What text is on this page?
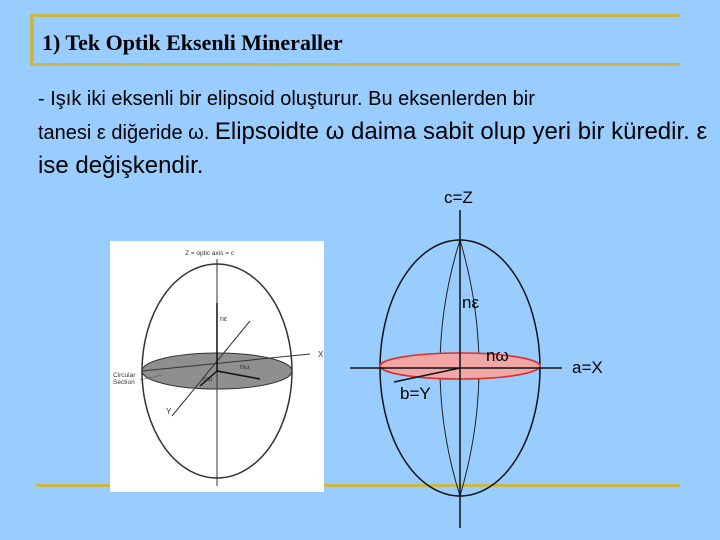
1) Tek Optik Eksenli Mineraller
- Işık iki eksenli bir elipsoid oluşturur. Bu eksenlerden bir
tanesi ε diğeride ω. Elipsoidte ω daima sabit olup yeri bir küredir. ε ise değişkendir.
Z = optic axis = c
X
Y
nε
nω
nω
Circular
Section
c=Z
a=X
b=Y
nε
nω
